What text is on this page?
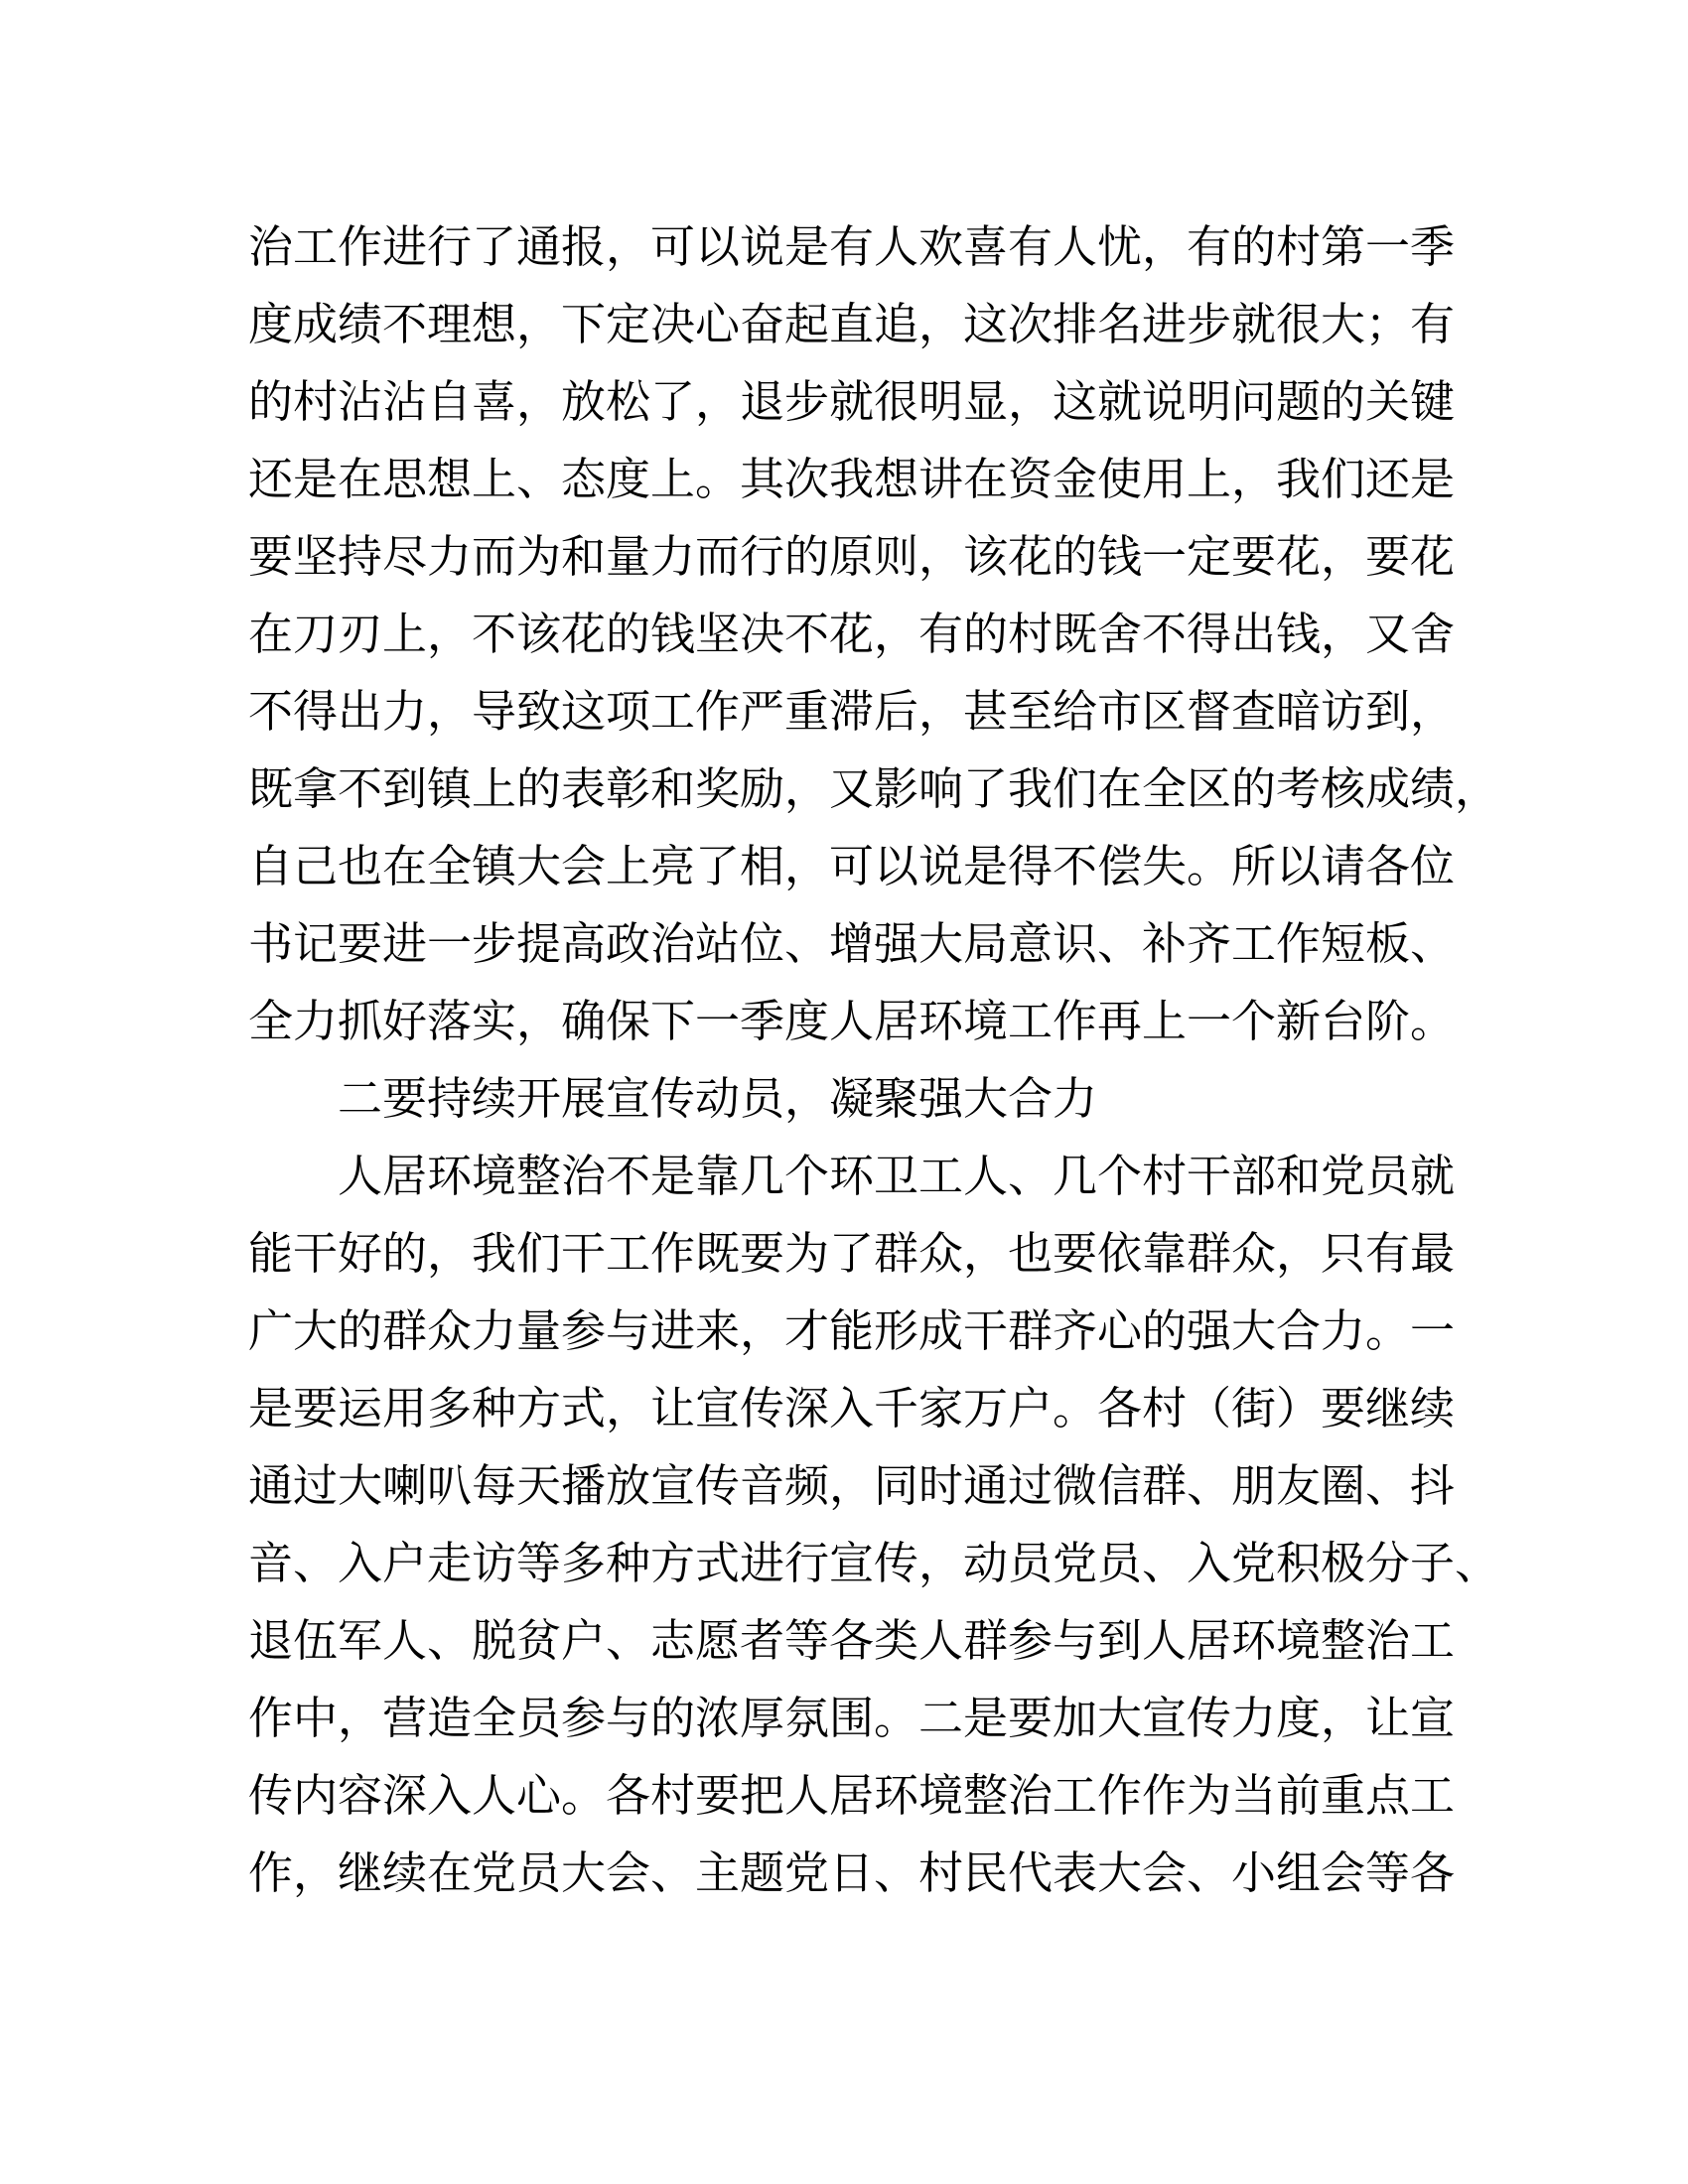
治工作进行了通报，可以说是有人欢喜有人忧，有的村第一季
度成绩不理想，下定决心奋起直追，这次排名进步就很大；有
的村沾沾自喜，放松了，退步就很明显，这就说明问题的关键
还是在思想上、态度上。其次我想讲在资金使用上，我们还是
要坚持尽力而为和量力而行的原则，该花的钱一定要花，要花
在刀刃上，不该花的钱坚决不花，有的村既舍不得出钱，又舍
不得出力，导致这项工作严重滞后，甚至给市区督查暗访到，
既拿不到镇上的表彰和奖励，又影响了我们在全区的考核成绩，
自己也在全镇大会上亮了相，可以说是得不偿失。所以请各位
书记要进一步提高政治站位、增强大局意识、补齐工作短板、
全力抓好落实，确保下一季度人居环境工作再上一个新台阶。
二要持续开展宣传动员，凝聚强大合力
人居环境整治不是靠几个环卫工人、几个村干部和党员就
能干好的，我们干工作既要为了群众，也要依靠群众，只有最
广大的群众力量参与进来，才能形成干群齐心的强大合力。一
是要运用多种方式，让宣传深入千家万户。各村（街）要继续
通过大喇叭每天播放宣传音频，同时通过微信群、朋友圈、抖
音、入户走访等多种方式进行宣传，动员党员、入党积极分子、
退伍军人、脱贫户、志愿者等各类人群参与到人居环境整治工
作中，营造全员参与的浓厚氛围。二是要加大宣传力度，让宣
传内容深入人心。各村要把人居环境整治工作作为当前重点工
作，继续在党员大会、主题党日、村民代表大会、小组会等各
